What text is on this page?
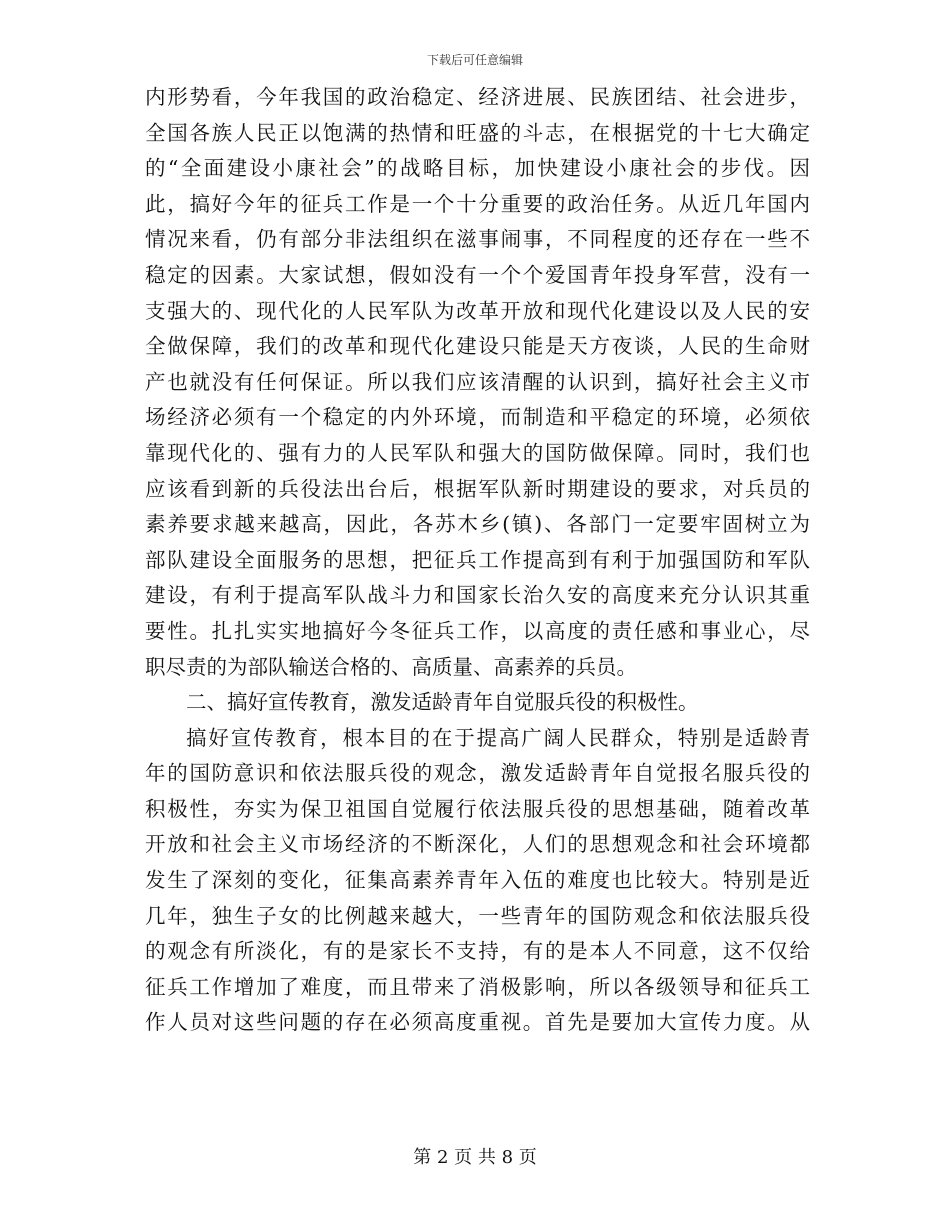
下载后可任意编辑
内形势看，今年我国的政治稳定、经济进展、民族团结、社会进步，
全国各族人民正以饱满的热情和旺盛的斗志，在根据党的十七大确定
的“全面建设小康社会”的战略目标，加快建设小康社会的步伐。因
此，搞好今年的征兵工作是一个十分重要的政治任务。从近几年国内
情况来看，仍有部分非法组织在滋事闹事，不同程度的还存在一些不
稳定的因素。大家试想，假如没有一个个爱国青年投身军营，没有一
支强大的、现代化的人民军队为改革开放和现代化建设以及人民的安
全做保障，我们的改革和现代化建设只能是天方夜谈，人民的生命财
产也就没有任何保证。所以我们应该清醒的认识到，搞好社会主义市
场经济必须有一个稳定的内外环境，而制造和平稳定的环境，必须依
靠现代化的、强有力的人民军队和强大的国防做保障。同时，我们也
应该看到新的兵役法出台后，根据军队新时期建设的要求，对兵员的
素养要求越来越高，因此，各苏木乡(镇)、各部门一定要牢固树立为
部队建设全面服务的思想，把征兵工作提高到有利于加强国防和军队
建设，有利于提高军队战斗力和国家长治久安的高度来充分认识其重
要性。扎扎实实地搞好今冬征兵工作，以高度的责任感和事业心，尽
职尽责的为部队输送合格的、高质量、高素养的兵员。
二、搞好宣传教育，激发适龄青年自觉服兵役的积极性。
搞好宣传教育，根本目的在于提高广阔人民群众，特别是适龄青
年的国防意识和依法服兵役的观念，激发适龄青年自觉报名服兵役的
积极性，夯实为保卫祖国自觉履行依法服兵役的思想基础，随着改革
开放和社会主义市场经济的不断深化，人们的思想观念和社会环境都
发生了深刻的变化，征集高素养青年入伍的难度也比较大。特别是近
几年，独生子女的比例越来越大，一些青年的国防观念和依法服兵役
的观念有所淡化，有的是家长不支持，有的是本人不同意，这不仅给
征兵工作增加了难度，而且带来了消极影响，所以各级领导和征兵工
作人员对这些问题的存在必须高度重视。首先是要加大宣传力度。从
第 2 页 共 8 页
